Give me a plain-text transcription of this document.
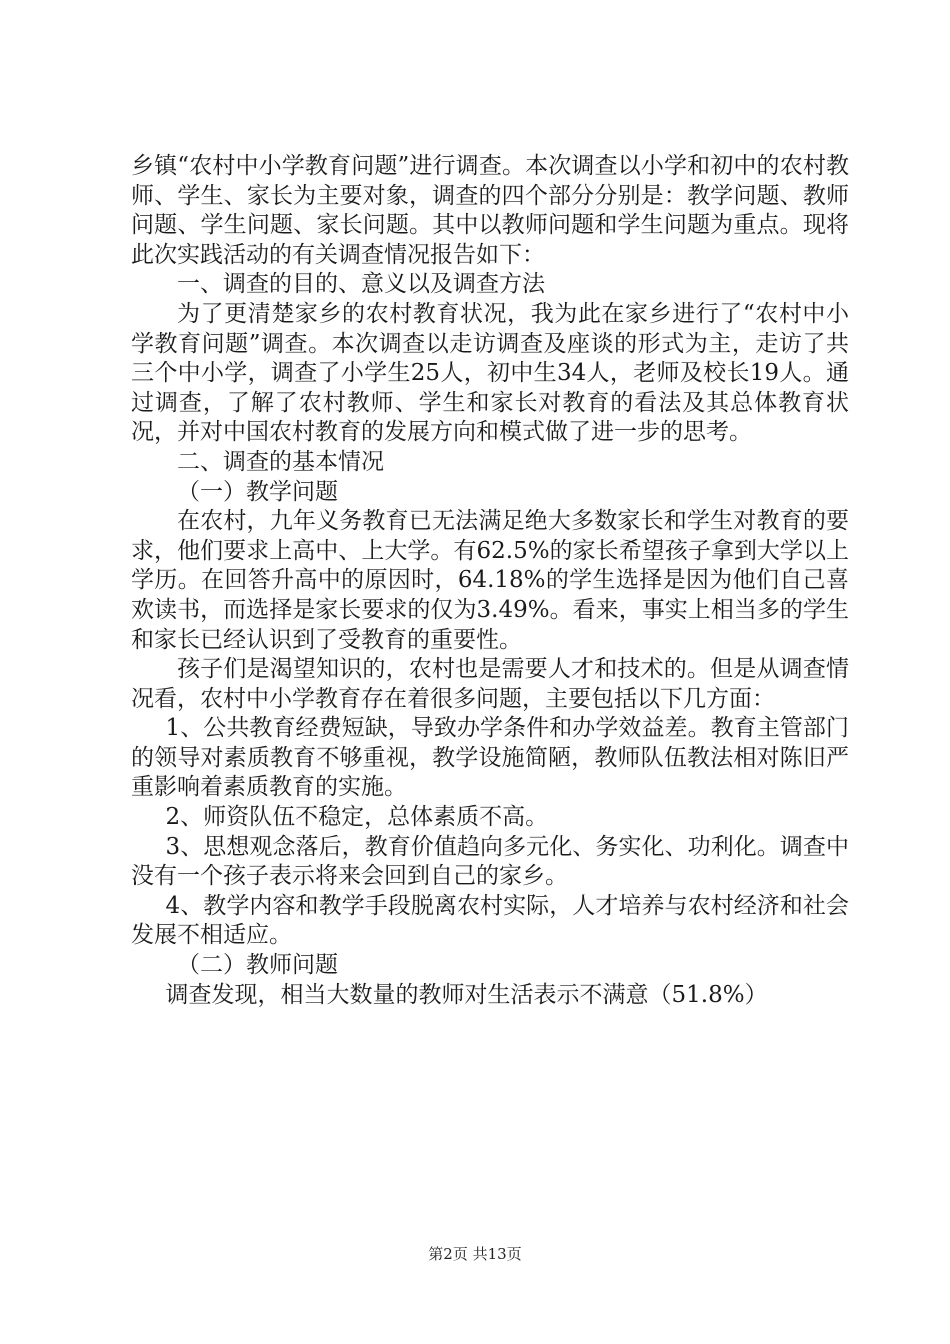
乡镇“农村中小学教育问题”进行调查。本次调查以小学和初中的农村教师、学生、家长为主要对象，调查的四个部分分别是：教学问题、教师问题、学生问题、家长问题。其中以教师问题和学生问题为重点。现将此次实践活动的有关调查情况报告如下：

一、调查的目的、意义以及调查方法

为了更清楚家乡的农村教育状况，我为此在家乡进行了“农村中小学教育问题”调查。本次调查以走访调查及座谈的形式为主，走访了共三个中小学，调查了小学生25人，初中生34人，老师及校长19人。通过调查，了解了农村教师、学生和家长对教育的看法及其总体教育状况，并对中国农村教育的发展方向和模式做了进一步的思考。

二、调查的基本情况

（一）教学问题

在农村，九年义务教育已无法满足绝大多数家长和学生对教育的要求，他们要求上高中、上大学。有62.5%的家长希望孩子拿到大学以上学历。在回答升高中的原因时，64.18%的学生选择是因为他们自己喜欢读书，而选择是家长要求的仅为3.49%。看来，事实上相当多的学生和家长已经认识到了受教育的重要性。

孩子们是渴望知识的，农村也是需要人才和技术的。但是从调查情况看，农村中小学教育存在着很多问题，主要包括以下几方面：

1、公共教育经费短缺，导致办学条件和办学效益差。教育主管部门的领导对素质教育不够重视，教学设施简陋，教师队伍教法相对陈旧严重影响着素质教育的实施。

2、师资队伍不稳定，总体素质不高。

3、思想观念落后，教育价值趋向多元化、务实化、功利化。调查中没有一个孩子表示将来会回到自己的家乡。

4、教学内容和教学手段脱离农村实际，人才培养与农村经济和社会发展不相适应。

（二）教师问题

调查发现，相当大数量的教师对生活表示不满意（51.8%）

第2页 共13页
